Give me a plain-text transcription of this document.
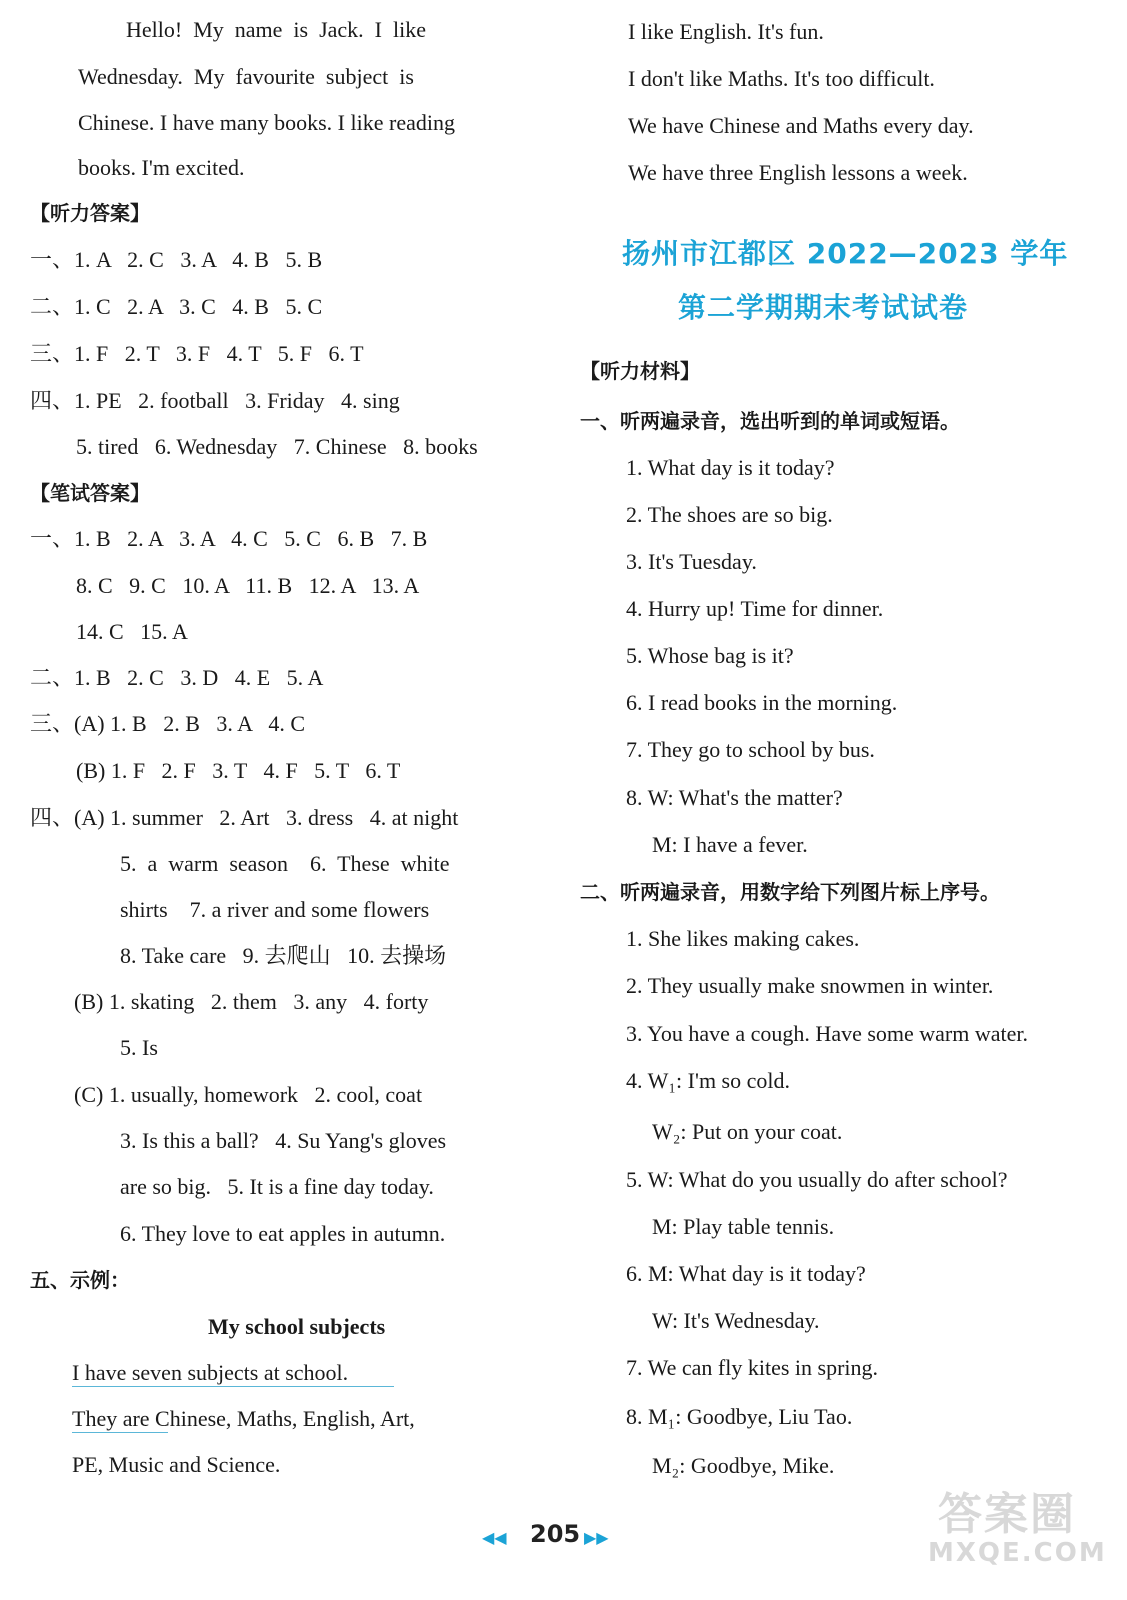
Hello!  My  name  is  Jack.  I  like
Wednesday.  My  favourite  subject  is
Chinese. I have many books. I like reading
books. I'm excited.
【听力答案】
一、1. A   2. C   3. A   4. B   5. B
二、1. C   2. A   3. C   4. B   5. C
三、1. F   2. T   3. F   4. T   5. F   6. T
四、1. PE   2. football   3. Friday   4. sing
5. tired   6. Wednesday   7. Chinese   8. books
【笔试答案】
一、1. B   2. A   3. A   4. C   5. C   6. B   7. B
8. C   9. C   10. A   11. B   12. A   13. A
14. C   15. A
二、1. B   2. C   3. D   4. E   5. A
三、(A) 1. B   2. B   3. A   4. C
(B) 1. F   2. F   3. T   4. F   5. T   6. T
四、(A) 1. summer   2. Art   3. dress   4. at night
5.  a  warm  season    6.  These  white
shirts    7. a river and some flowers
8. Take care   9. 去爬山   10. 去操场
(B) 1. skating   2. them   3. any   4. forty
5. Is
(C) 1. usually, homework   2. cool, coat
3. Is this a ball?   4. Su Yang's gloves
are so big.   5. It is a fine day today.
6. They love to eat apples in autumn.
五、示例：
My school subjects
I have seven subjects at school.
They are Chinese, Maths, English, Art,
PE, Music and Science.
扬州市江都区 2022—2023 学年
第二学期期末考试试卷
I like English. It's fun.
I don't like Maths. It's too difficult.
We have Chinese and Maths every day.
We have three English lessons a week.
【听力材料】
一、听两遍录音，选出听到的单词或短语。
1. What day is it today?
2. The shoes are so big.
3. It's Tuesday.
4. Hurry up! Time for dinner.
5. Whose bag is it?
6. I read books in the morning.
7. They go to school by bus.
8. W: What's the matter?
M: I have a fever.
二、听两遍录音，用数字给下列图片标上序号。
1. She likes making cakes.
2. They usually make snowmen in winter.
3. You have a cough. Have some warm water.
4. W₁: I'm so cold.
W₂: Put on your coat.
5. W: What do you usually do after school?
M: Play table tennis.
6. M: What day is it today?
W: It's Wednesday.
7. We can fly kites in spring.
8. M₁: Goodbye, Liu Tao.
M₂: Goodbye, Mike.
◀◀ 205 ▶▶	答案圈
MXQE.COM
